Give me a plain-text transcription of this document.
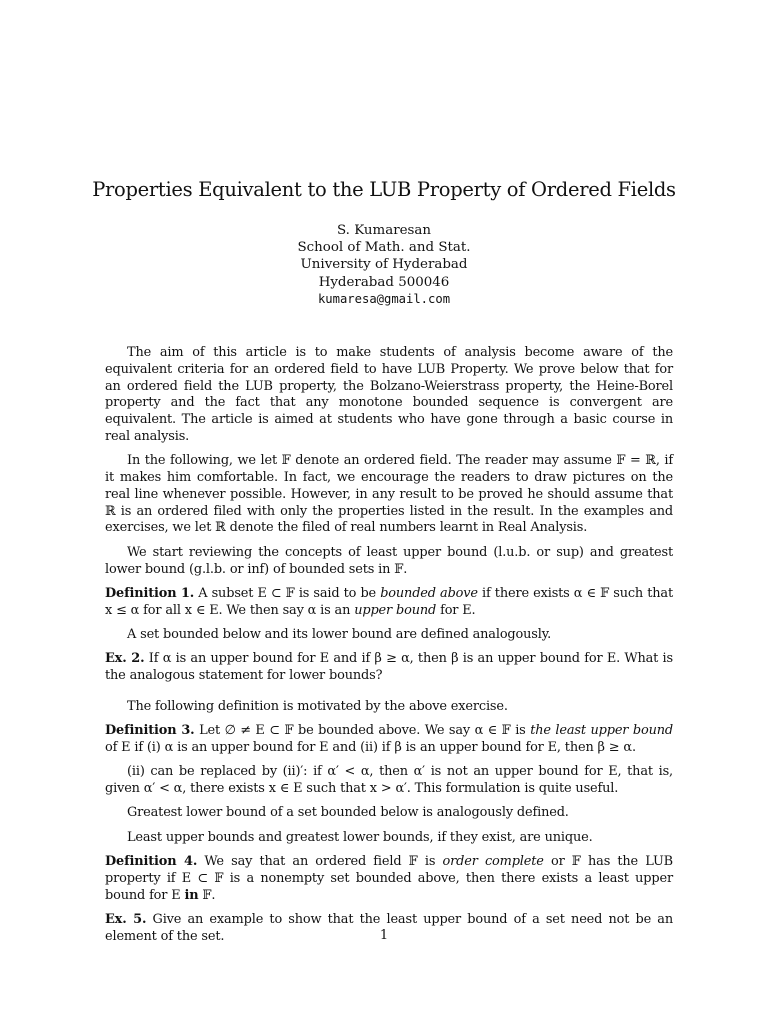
Properties Equivalent to the LUB Property of Ordered Fields
S. Kumaresan
School of Math. and Stat.
University of Hyderabad
Hyderabad 500046
kumaresa@gmail.com

The aim of this article is to make students of analysis become aware of the equivalent criteria for an ordered field to have LUB Property. We prove below that for an ordered field the LUB property, the Bolzano-Weierstrass property, the Heine-Borel property and the fact that any monotone bounded sequence is convergent are equivalent. The article is aimed at students who have gone through a basic course in real analysis.

In the following, we let 𝔽 denote an ordered field. The reader may assume 𝔽 = ℝ, if it makes him comfortable. In fact, we encourage the readers to draw pictures on the real line whenever possible. However, in any result to be proved he should assume that ℝ is an ordered filed with only the properties listed in the result. In the examples and exercises, we let ℝ denote the filed of real numbers learnt in Real Analysis.

We start reviewing the concepts of least upper bound (l.u.b. or sup) and greatest lower bound (g.l.b. or inf) of bounded sets in 𝔽.

Definition 1. A subset E ⊂ 𝔽 is said to be bounded above if there exists α ∈ 𝔽 such that x ≤ α for all x ∈ E. We then say α is an upper bound for E.

A set bounded below and its lower bound are defined analogously.

Ex. 2. If α is an upper bound for E and if β ≥ α, then β is an upper bound for E. What is the analogous statement for lower bounds?

The following definition is motivated by the above exercise.

Definition 3. Let ∅ ≠ E ⊂ 𝔽 be bounded above. We say α ∈ 𝔽 is the least upper bound of E if (i) α is an upper bound for E and (ii) if β is an upper bound for E, then β ≥ α.

(ii) can be replaced by (ii)′: if α′ < α, then α′ is not an upper bound for E, that is, given α′ < α, there exists x ∈ E such that x > α′. This formulation is quite useful.

Greatest lower bound of a set bounded below is analogously defined.

Least upper bounds and greatest lower bounds, if they exist, are unique.

Definition 4. We say that an ordered field 𝔽 is order complete or 𝔽 has the LUB property if E ⊂ 𝔽 is a nonempty set bounded above, then there exists a least upper bound for E in 𝔽.

Ex. 5. Give an example to show that the least upper bound of a set need not be an element of the set.	1
